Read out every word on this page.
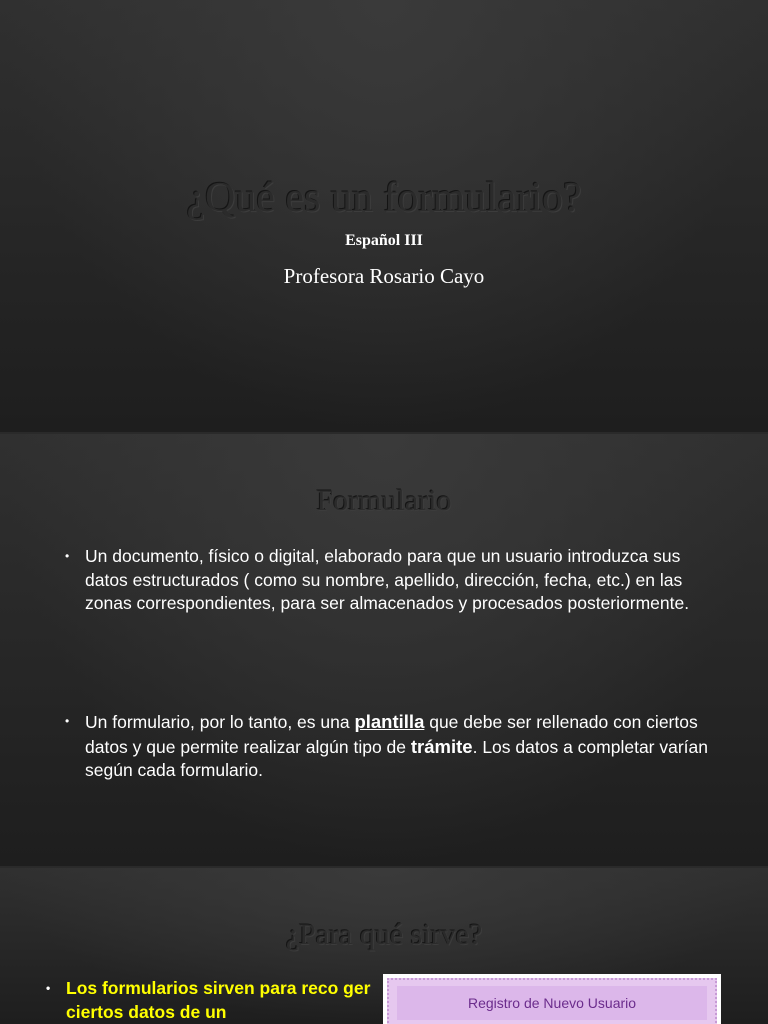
¿Qué es un formulario?
Español III
Profesora Rosario Cayo
Formulario
• Un documento, físico o digital, elaborado para que un usuario introduzca sus datos estructurados ( como su nombre, apellido, dirección, fecha, etc.) en las zonas correspondientes, para ser almacenados y procesados posteriormente.
• Un formulario, por lo tanto, es una plantilla que debe ser rellenado con ciertos datos y que permite realizar algún tipo de trámite. Los datos a completar varían según cada formulario.
¿Para qué sirve?
• Los formularios sirven para reco ger ciertos datos de un	Registro de Nuevo Usuario
